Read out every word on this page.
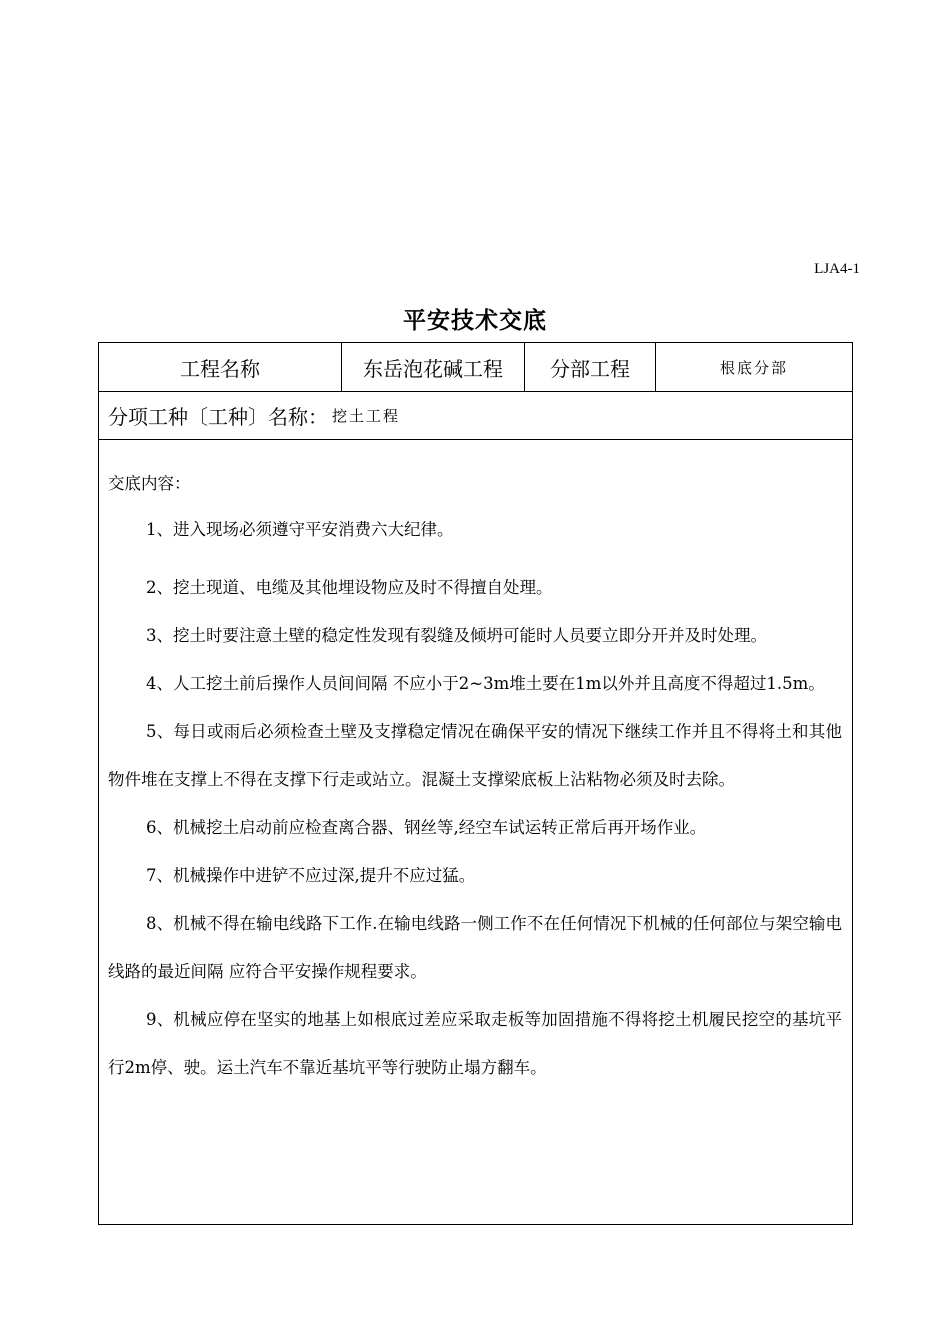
LJA4-1
平安技术交底
工程名称	东岳泡花碱工程	分部工程	根底分部
分项工种〔工种〕名称： 挖土工程

交底内容：

1、进入现场必须遵守平安消费六大纪律。

2、挖土现道、电缆及其他埋设物应及时不得擅自处理。

3、挖土时要注意土壁的稳定性发现有裂缝及倾坍可能时人员要立即分开并及时处理。

4、人工挖土前后操作人员间间隔 不应小于2~3m堆土要在1m以外并且高度不得超过1.5m。

5、每日或雨后必须检查土壁及支撑稳定情况在确保平安的情况下继续工作并且不得将土和其他物件堆在支撑上不得在支撑下行走或站立。混凝土支撑梁底板上沾粘物必须及时去除。

6、机械挖土启动前应检查离合器、钢丝等,经空车试运转正常后再开场作业。

7、机械操作中进铲不应过深,提升不应过猛。

8、机械不得在输电线路下工作.在输电线路一侧工作不在任何情况下机械的任何部位与架空输电线路的最近间隔 应符合平安操作规程要求。

9、机械应停在坚实的地基上如根底过差应采取走板等加固措施不得将挖土机履民挖空的基坑平行2m停、驶。运土汽车不靠近基坑平等行驶防止塌方翻车。
